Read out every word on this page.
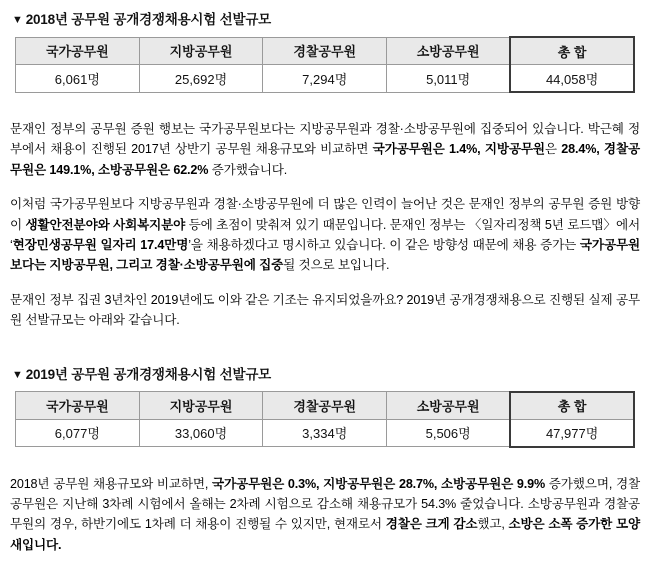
▼ 2018년 공무원 공개경쟁채용시험 선발규모
국가공무원	지방공무원	경찰공무원	소방공무원	총 합
6,061명	25,692명	7,294명	5,011명	44,058명

문재인 정부의 공무원 증원 행보는 국가공무원보다는 지방공무원과 경찰·소방공무원에 집중되어 있습니다. 박근혜 정부에서 채용이 진행된 2017년 상반기 공무원 채용규모와 비교하면 국가공무원은 1.4%, 지방공무원은 28.4%, 경찰공무원은 149.1%, 소방공무원은 62.2% 증가했습니다.

이처럼 국가공무원보다 지방공무원과 경찰·소방공무원에 더 많은 인력이 늘어난 것은 문재인 정부의 공무원 증원 방향이 생활안전분야와 사회복지분야 등에 초점이 맞춰져 있기 때문입니다. 문재인 정부는 〈일자리정책 5년 로드맵〉에서 ‘현장민생공무원 일자리 17.4만명’을 채용하겠다고 명시하고 있습니다. 이 같은 방향성 때문에 채용 증가는 국가공무원보다는 지방공무원, 그리고 경찰·소방공무원에 집중될 것으로 보입니다.

문재인 정부 집권 3년차인 2019년에도 이와 같은 기조는 유지되었을까요? 2019년 공개경쟁채용으로 진행된 실제 공무원 선발규모는 아래와 같습니다.

▼ 2019년 공무원 공개경쟁채용시험 선발규모
국가공무원	지방공무원	경찰공무원	소방공무원	총 합
6,077명	33,060명	3,334명	5,506명	47,977명

2018년 공무원 채용규모와 비교하면, 국가공무원은 0.3%, 지방공무원은 28.7%, 소방공무원은 9.9% 증가했으며, 경찰공무원은 지난해 3차례 시험에서 올해는 2차례 시험으로 감소해 채용규모가 54.3% 줄었습니다. 소방공무원과 경찰공무원의 경우, 하반기에도 1차례 더 채용이 진행될 수 있지만, 현재로서 경찰은 크게 감소했고, 소방은 소폭 증가한 모양새입니다.
